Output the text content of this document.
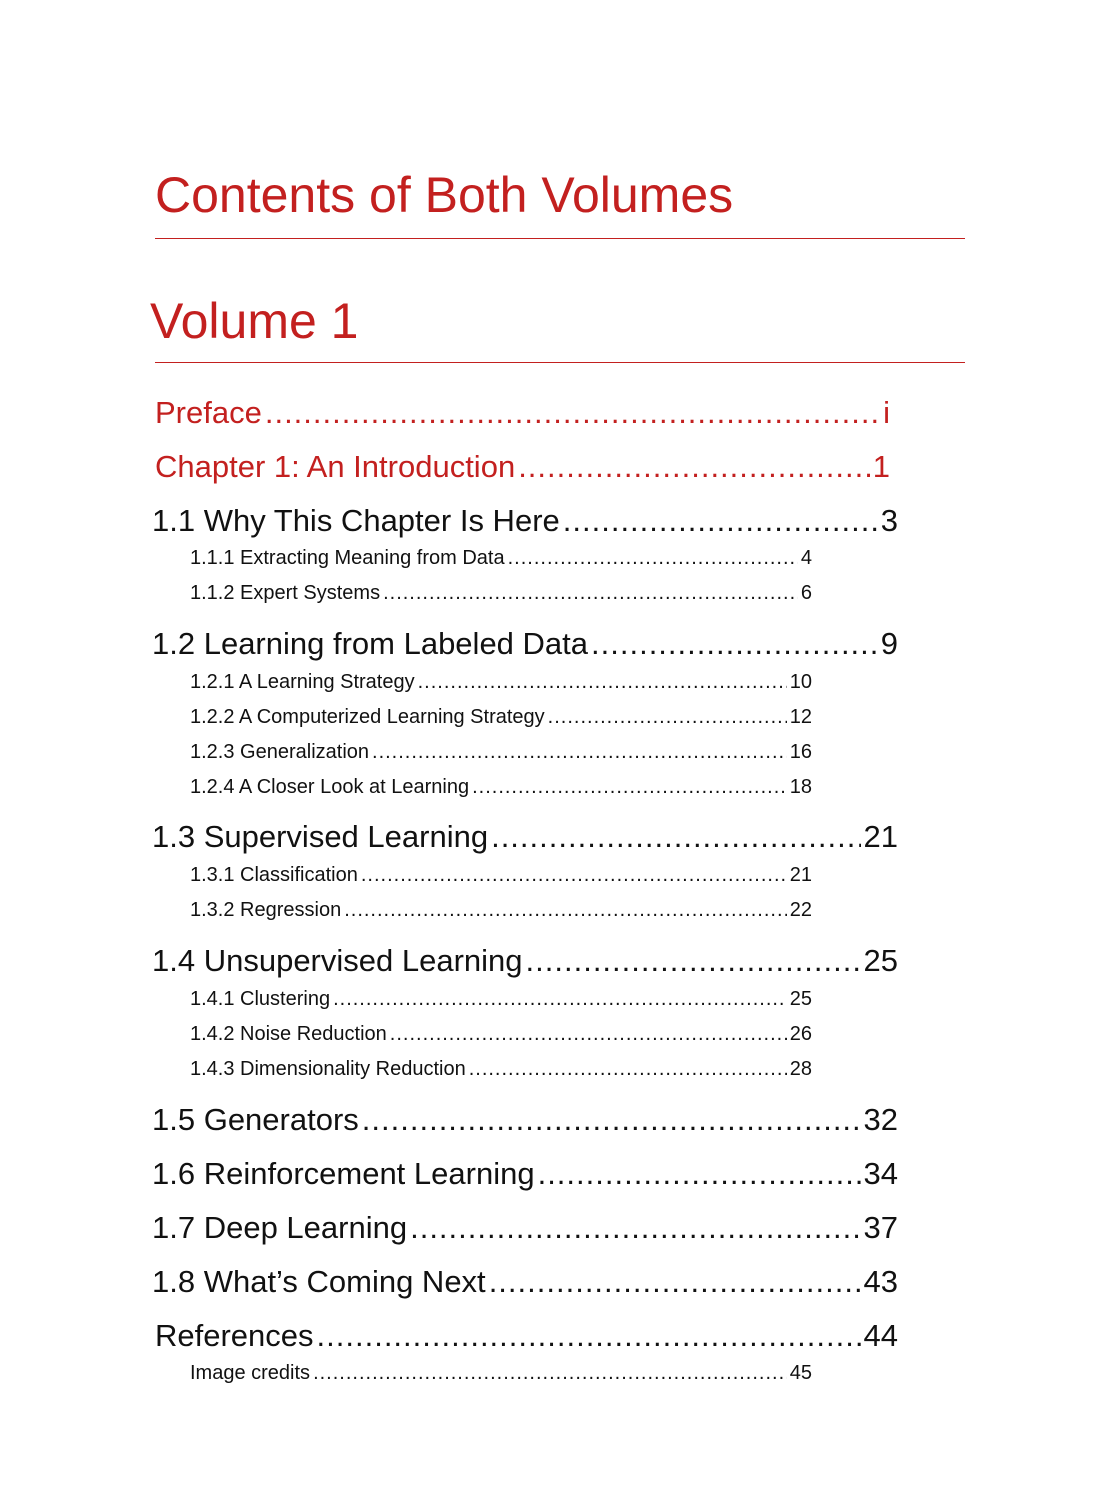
Contents of Both Volumes
Volume 1
Preface .....	i
Chapter 1: An Introduction .....	1
1.1 Why This Chapter Is Here .....	3
1.1.1 Extracting Meaning from Data .....	4
1.1.2 Expert Systems .....	6
1.2 Learning from Labeled Data .....	9
1.2.1 A Learning Strategy .....	10
1.2.2 A Computerized Learning Strategy .....	12
1.2.3 Generalization .....	16
1.2.4 A Closer Look at Learning .....	18
1.3 Supervised Learning .....	21
1.3.1 Classification .....	21
1.3.2 Regression .....	22
1.4 Unsupervised Learning .....	25
1.4.1 Clustering .....	25
1.4.2 Noise Reduction .....	26
1.4.3 Dimensionality Reduction .....	28
1.5 Generators .....	32
1.6 Reinforcement Learning .....	34
1.7 Deep Learning .....	37
1.8 What’s Coming Next .....	43
References .....	44
Image credits .....	45
